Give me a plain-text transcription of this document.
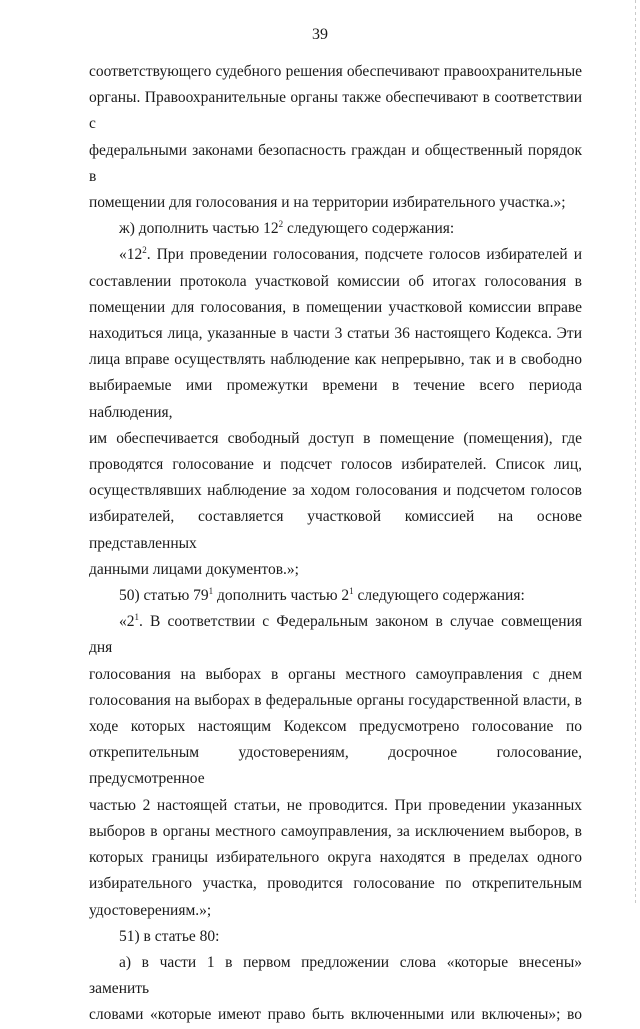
39
соответствующего судебного решения обеспечивают правоохранительные
органы. Правоохранительные органы также обеспечивают в соответствии с
федеральными законами безопасность граждан и общественный порядок в
помещении для голосования и на территории избирательного участка.»;
ж) дополнить частью $12^2$ следующего содержания:
«$12^2$. При проведении голосования, подсчете голосов избирателей и
составлении протокола участковой комиссии об итогах голосования в
помещении для голосования, в помещении участковой комиссии вправе
находиться лица, указанные в части 3 статьи 36 настоящего Кодекса. Эти
лица вправе осуществлять наблюдение как непрерывно, так и в свободно
выбираемые ими промежутки времени в течение всего периода наблюдения,
им обеспечивается свободный доступ в помещение (помещения), где
проводятся голосование и подсчет голосов избирателей. Список лиц,
осуществлявших наблюдение за ходом голосования и подсчетом голосов
избирателей, составляется участковой комиссией на основе представленных
данными лицами документов.»;
50) статью $79^1$ дополнить частью $2^1$ следующего содержания:
«$2^1$. В соответствии с Федеральным законом в случае совмещения дня
голосования на выборах в органы местного самоуправления с днем
голосования на выборах в федеральные органы государственной власти, в
ходе которых настоящим Кодексом предусмотрено голосование по
открепительным удостоверениям, досрочное голосование, предусмотренное
частью 2 настоящей статьи, не проводится. При проведении указанных
выборов в органы местного самоуправления, за исключением выборов, в
которых границы избирательного округа находятся в пределах одного
избирательного участка, проводится голосование по открепительным
удостоверениям.»;
51) в статье 80:
а) в части 1 в первом предложении слова «которые внесены» заменить
словами «которые имеют право быть включенными или включены»; во
